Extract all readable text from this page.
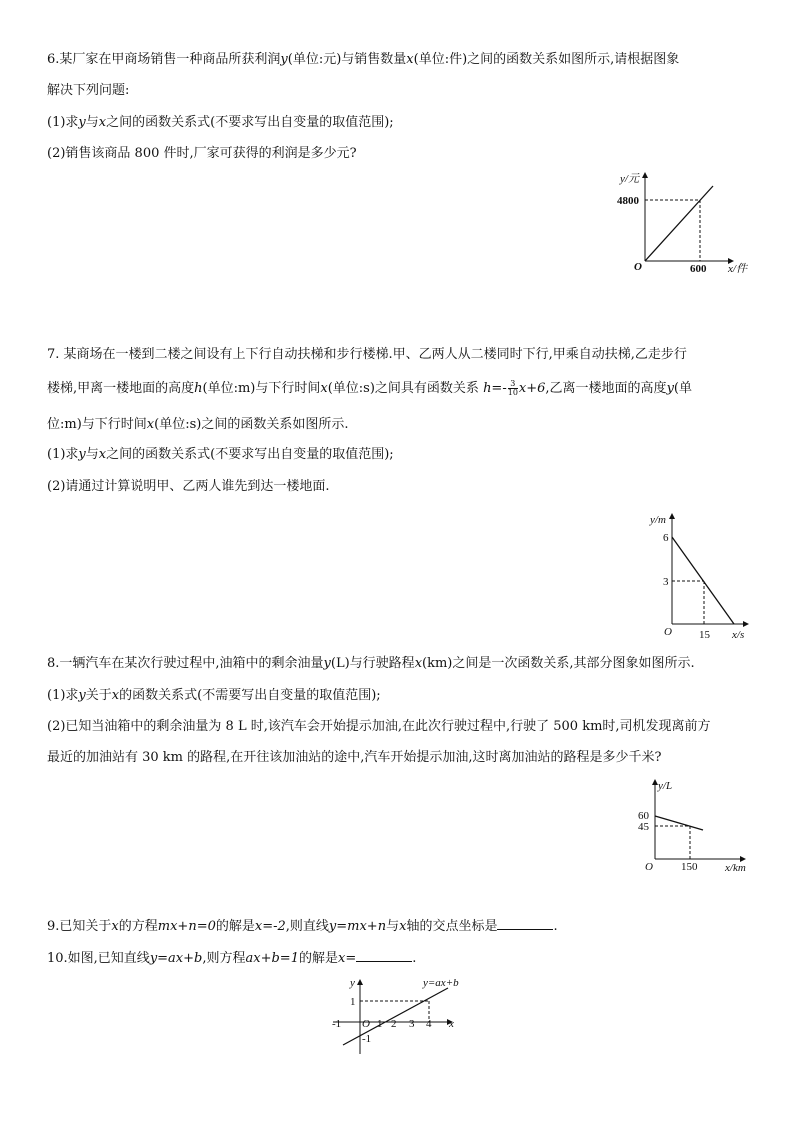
6.某厂家在甲商场销售一种商品所获利润y(单位:元)与销售数量x(单位:件)之间的函数关系如图所示,请根据图象
解决下列问题:
(1)求y与x之间的函数关系式(不要求写出自变量的取值范围);
(2)销售该商品 800 件时,厂家可获得的利润是多少元?
y/元
4800
O	600 x/件
7. 某商场在一楼到二楼之间设有上下行自动扶梯和步行楼梯.甲、乙两人从二楼同时下行,甲乘自动扶梯,乙走步行
楼梯,甲离一楼地面的高度h(单位:m)与下行时间x(单位:s)之间具有函数关系 $h=- \frac{3}{10} x+6$,乙离一楼地面的高度y(单
位:m)与下行时间x(单位:s)之间的函数关系如图所示.
(1)求y与x之间的函数关系式(不要求写出自变量的取值范围);
(2)请通过计算说明甲、乙两人谁先到达一楼地面.
y/m
6
3
O 15 x/s
8.一辆汽车在某次行驶过程中,油箱中的剩余油量y(L)与行驶路程x(km)之间是一次函数关系,其部分图象如图所示.
(1)求y关于x的函数关系式(不需要写出自变量的取值范围);
(2)已知当油箱中的剩余油量为 8 L 时,该汽车会开始提示加油,在此次行驶过程中,行驶了 500 km时,司机发现离前方
最近的加油站有 30 km 的路程,在开往该加油站的途中,汽车开始提示加油,这时离加油站的路程是多少千米?
y/L
60
45
O	150	x/km
9.已知关于x的方程mx+n=0的解是x=-2,则直线y=mx+n与x轴的交点坐标是	.
10.如图,已知直线y=ax+b,则方程ax+b=1的解是x=	.
y	y=ax+b
1
-1 O 1 2 3 4 x
-1
